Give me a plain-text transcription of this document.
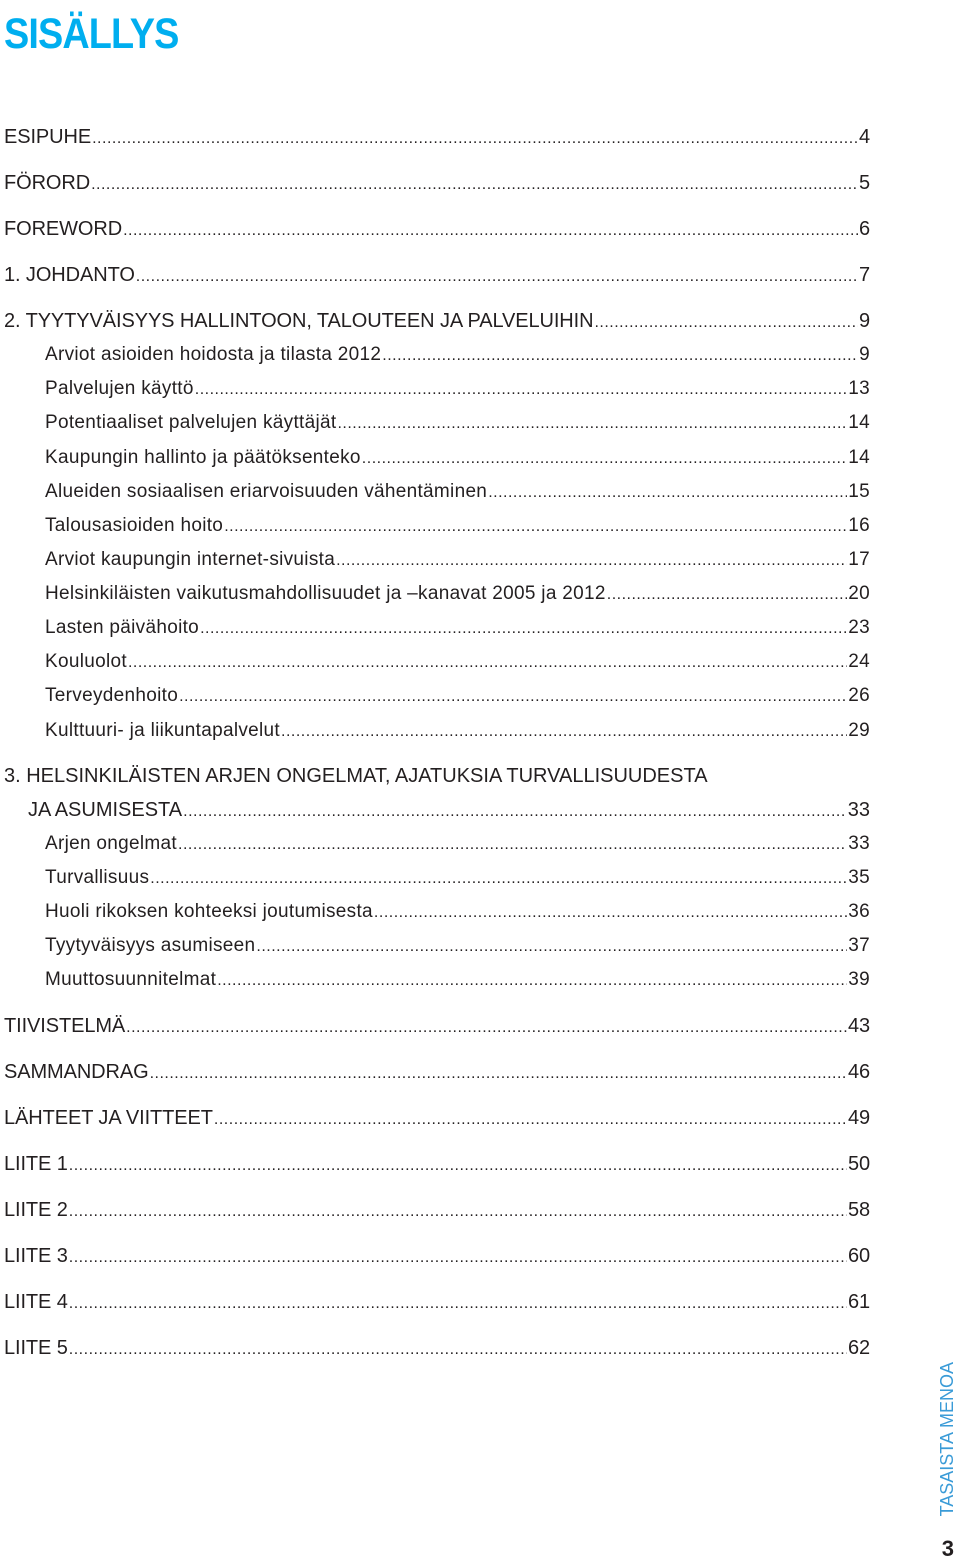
SISÄLLYS
ESIPUHE .....	4
FÖRORD .....	5
FOREWORD .....	6
1. JOHDANTO .....	7
2. TYYTYVÄISYYS HALLINTOON, TALOUTEEN JA PALVELUIHIN .....	9
Arviot asioiden hoidosta ja tilasta 2012 .....	9
Palvelujen käyttö .....	13
Potentiaaliset palvelujen käyttäjät .....	14
Kaupungin hallinto ja päätöksenteko .....	14
Alueiden sosiaalisen eriarvoisuuden vähentäminen .....	15
Talousasioiden hoito .....	16
Arviot kaupungin internet-sivuista .....	17
Helsinkiläisten vaikutusmahdollisuudet ja –kanavat 2005 ja 2012 .....	20
Lasten päivähoito .....	23
Kouluolot .....	24
Terveydenhoito .....	26
Kulttuuri- ja liikuntapalvelut .....	29
3. HELSINKILÄISTEN ARJEN ONGELMAT, AJATUKSIA TURVALLISUUDESTA
JA ASUMISESTA .....	33
Arjen ongelmat .....	33
Turvallisuus .....	35
Huoli rikoksen kohteeksi joutumisesta .....	36
Tyytyväisyys asumiseen .....	37
Muuttosuunnitelmat .....	39
TIIVISTELMÄ .....	43
SAMMANDRAG .....	46
LÄHTEET JA VIITTEET .....	49
LIITE 1 .....	50
LIITE 2 .....	58
LIITE 3 .....	60
LIITE 4 .....	61
LIITE 5 .....	62
TASAISTA MENOA
3
